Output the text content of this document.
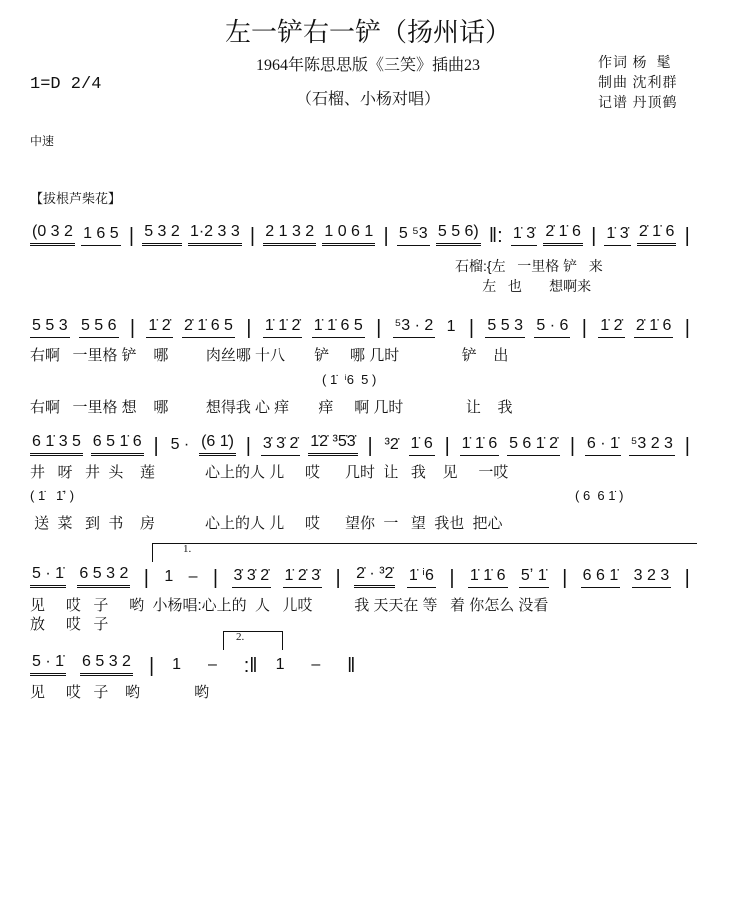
左一铲右一铲（扬州话）
1964年陈思思版《三笑》插曲23
（石榴、小杨对唱）
1=D 2/4
作词 杨  髦
制曲 沈利群
记谱 丹顶鹤
中速
【拔根芦柴花】
(0 3 2 1 6 5 | 5 3 2 1·2 3 3 | 2 1 3 2 1 0 6 1 | 5 ⁵3 5 5 6) ‖: 1̇ 3̇ 2̇ 1̇ 6 | 1̇ 3̇ 2̇ 1̇ 6 |
石榴:{左   一里格 铲   来
左   也       想啊来
5 5 3 5 5 6 | 1̇ 2̇ 2̇ 1̇ 6 5 | 1̇ 1̇ 2̇ 1̇ 1̇ 6 5 | ⁵3 · 2 1 | 5 5 3 5 · 6 | 1̇ 2̇ 2̇ 1̇ 6 |
右啊   一里格 铲    哪         肉丝哪 十八       铲     哪 几时               铲    出
( 1̇  ⁱ6  5 )
右啊   一里格 想    哪         想得我 心 痒       痒     啊 几时               让    我
6 1̇ 3 5 6 5 1̇ 6 | 5 · (6 1̇) | 3̇ 3̇ 2̇ 1̇2̇ ³5̇3̇ | ³2̇ 1̇ 6 | 1̇ 1̇ 6 5 6 1̇ 2̇ | 6 · 1̇ ⁵3 2 3 |
井   呀   井  头    莲            心上的人 儿     哎      几时  让   我    见     一哎
( 1̇   1̇ʼ )	( 6  6 1̇ )
送  菜   到  书    房            心上的人 儿     哎      望你  一   望  我也  把心
1.
5 · 1̇ 6 5 3 2 | 1 – | 3̇ 3̇ 2̇ 1̇ 2̇ 3̇ | 2̇ · ³2̇ 1̇ ⁱ6 | 1̇ 1̇ 6 5ʼ 1̇ | 6 6 1̇ 3 2 3 |
见     哎   子     哟  小杨唱:心上的  人   儿哎          我 天天在 等   着 你怎么 没看
放     哎   子
2.
5 · 1̇ 6 5 3 2 | 1 – :‖ 1 – ‖
见     哎   子    哟             哟
